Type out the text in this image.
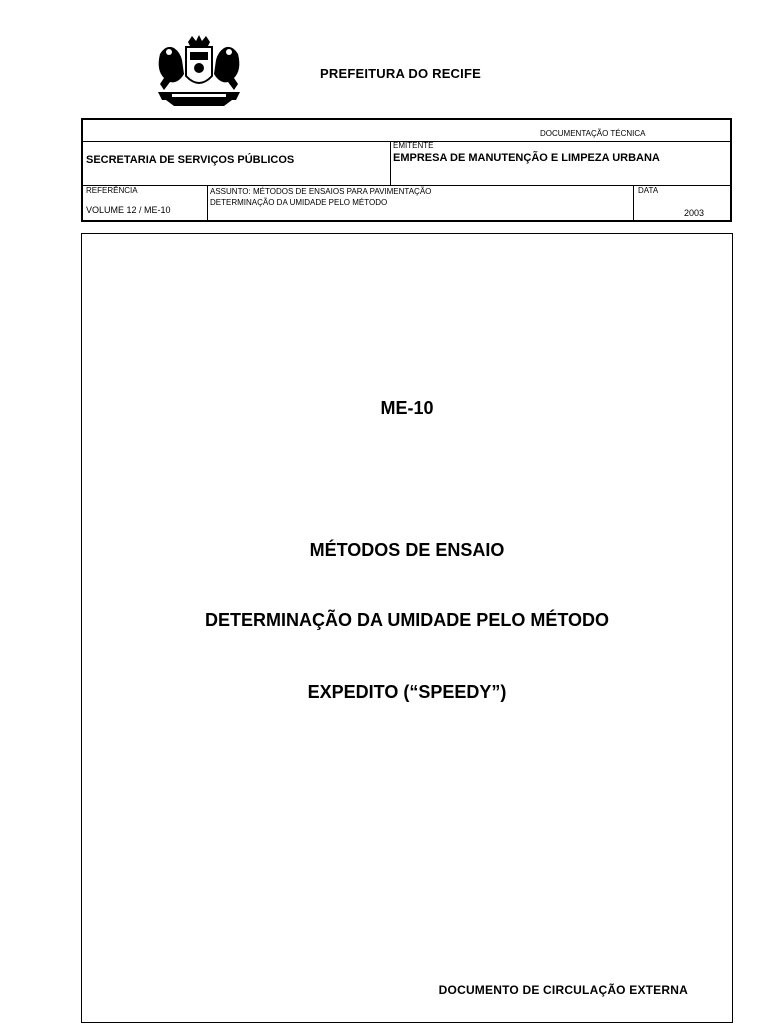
PREFEITURA DO RECIFE
DOCUMENTAÇÃO TÉCNICA
SECRETARIA DE SERVIÇOS PÚBLICOS
EMITENTE
EMPRESA DE MANUTENÇÃO E LIMPEZA URBANA
REFERÊNCIA
VOLUME 12 / ME-10
ASSUNTO: MÉTODOS DE ENSAIOS PARA PAVIMENTAÇÃO
DETERMINAÇÃO DA UMIDADE PELO MÉTODO
DATA
2003
ME-10
MÉTODOS DE ENSAIO
DETERMINAÇÃO DA UMIDADE PELO MÉTODO
EXPEDITO (“SPEEDY”)
DOCUMENTO DE CIRCULAÇÃO EXTERNA
